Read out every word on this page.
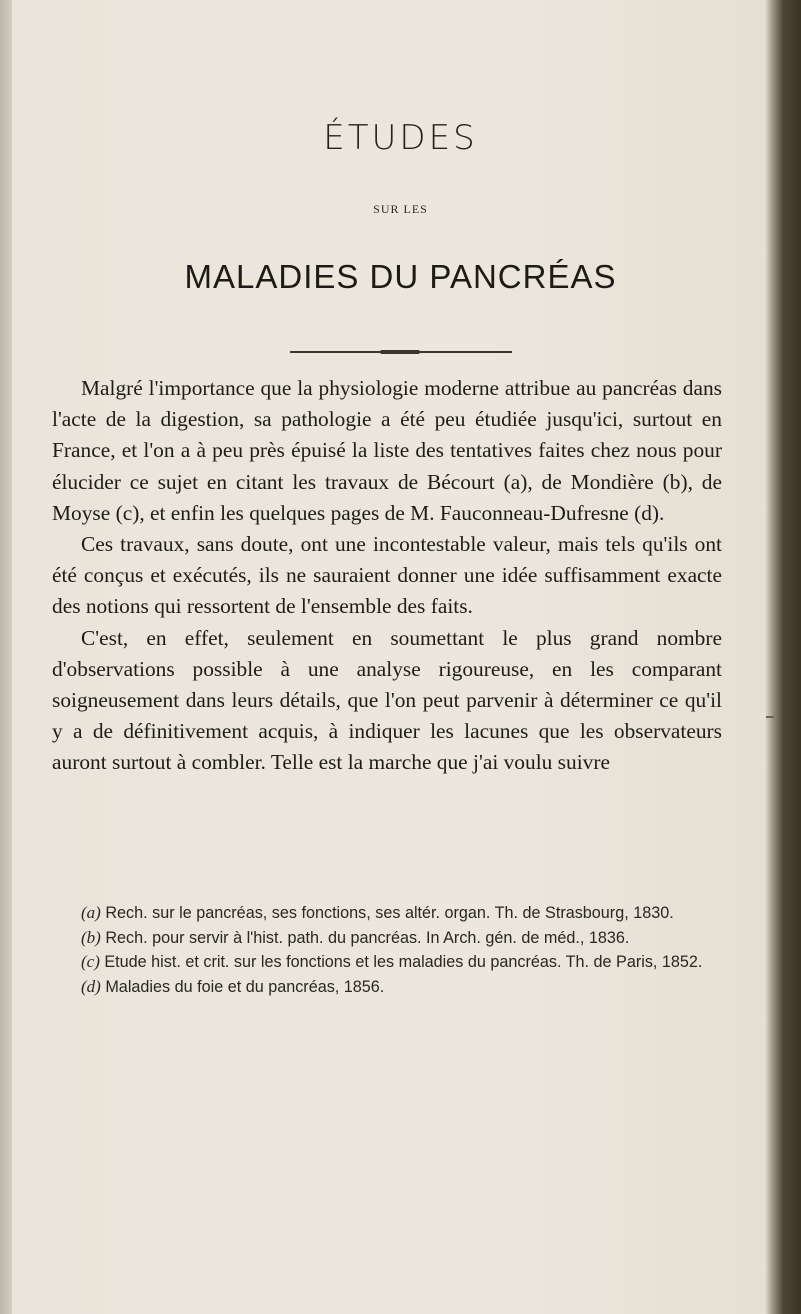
ÉTUDES
SUR LES
MALADIES DU PANCRÉAS

Malgré l'importance que la physiologie moderne attribue au pancréas dans l'acte de la digestion, sa pathologie a été peu étudiée jusqu'ici, surtout en France, et l'on a à peu près épuisé la liste des tentatives faites chez nous pour élucider ce sujet en citant les travaux de Bécourt (a), de Mondière (b), de Moyse (c), et enfin les quelques pages de M. Fauconneau-Dufresne (d).

Ces travaux, sans doute, ont une incontestable valeur, mais tels qu'ils ont été conçus et exécutés, ils ne sauraient donner une idée suffisamment exacte des notions qui ressortent de l'ensemble des faits.

C'est, en effet, seulement en soumettant le plus grand nombre d'observations possible à une analyse rigoureuse, en les comparant soigneusement dans leurs détails, que l'on peut parvenir à déterminer ce qu'il y a de définitivement acquis, à indiquer les lacunes que les observateurs auront surtout à combler. Telle est la marche que j'ai voulu suivre

(a) Rech. sur le pancréas, ses fonctions, ses altér. organ. Th. de Strasbourg, 1830.

(b) Rech. pour servir à l'hist. path. du pancréas. In Arch. gén. de méd., 1836.

(c) Etude hist. et crit. sur les fonctions et les maladies du pancréas. Th. de Paris, 1852.

(d) Maladies du foie et du pancréas, 1856.
